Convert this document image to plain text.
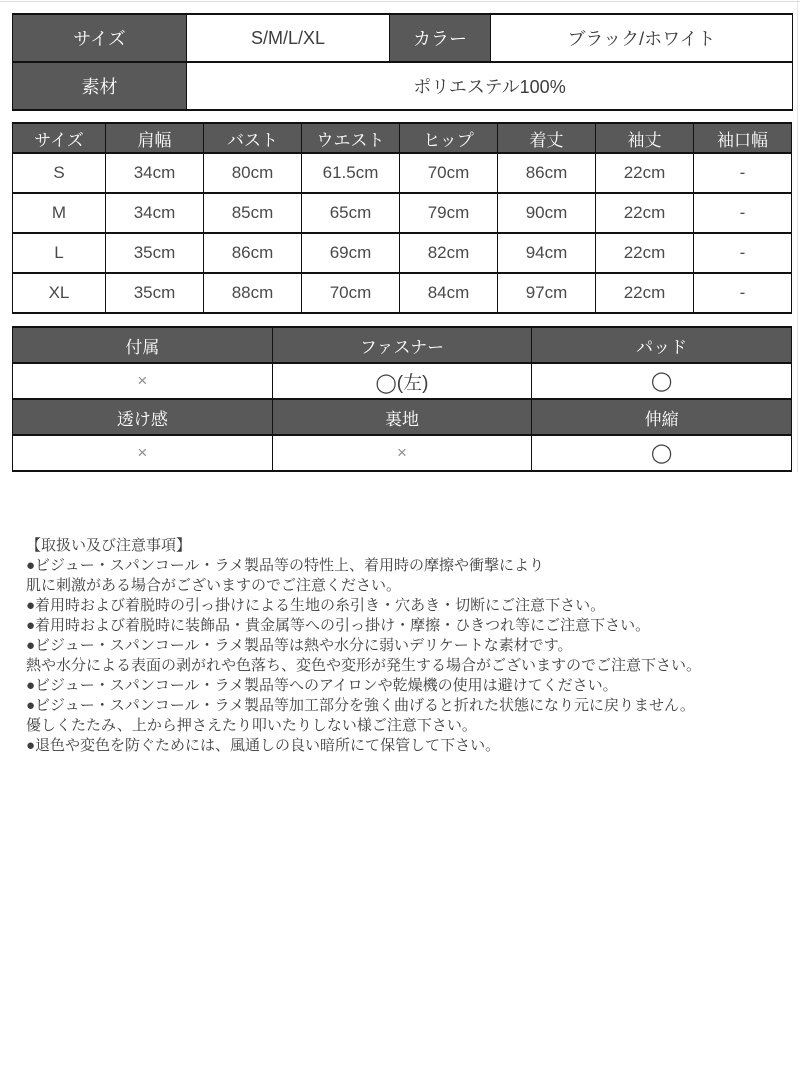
サイズ	S/M/L/XL	カラー	ブラック/ホワイト
素材	ポリエステル100%		
サイズ	肩幅	バスト	ウエスト	ヒップ	着丈	袖丈	袖口幅
S	34cm	80cm	61.5cm	70cm	86cm	22cm	-
M	34cm	85cm	65cm	79cm	90cm	22cm	-
L	35cm	86cm	69cm	82cm	94cm	22cm	-
XL	35cm	88cm	70cm	84cm	97cm	22cm	-
付属	ファスナー	パッド
×	◯(左)	◯
透け感	裏地	伸縮
×	×	◯
【取扱い及び注意事項】
●ビジュー・スパンコール・ラメ製品等の特性上、着用時の摩擦や衝撃により
肌に刺激がある場合がございますのでご注意ください。
●着用時および着脱時の引っ掛けによる生地の糸引き・穴あき・切断にご注意下さい。
●着用時および着脱時に装飾品・貴金属等への引っ掛け・摩擦・ひきつれ等にご注意下さい。
●ビジュー・スパンコール・ラメ製品等は熱や水分に弱いデリケートな素材です。
熱や水分による表面の剥がれや色落ち、変色や変形が発生する場合がございますのでご注意下さい。
●ビジュー・スパンコール・ラメ製品等へのアイロンや乾燥機の使用は避けてください。
●ビジュー・スパンコール・ラメ製品等加工部分を強く曲げると折れた状態になり元に戻りません。
優しくたたみ、上から押さえたり叩いたりしない様ご注意下さい。
●退色や変色を防ぐためには、風通しの良い暗所にて保管して下さい。
